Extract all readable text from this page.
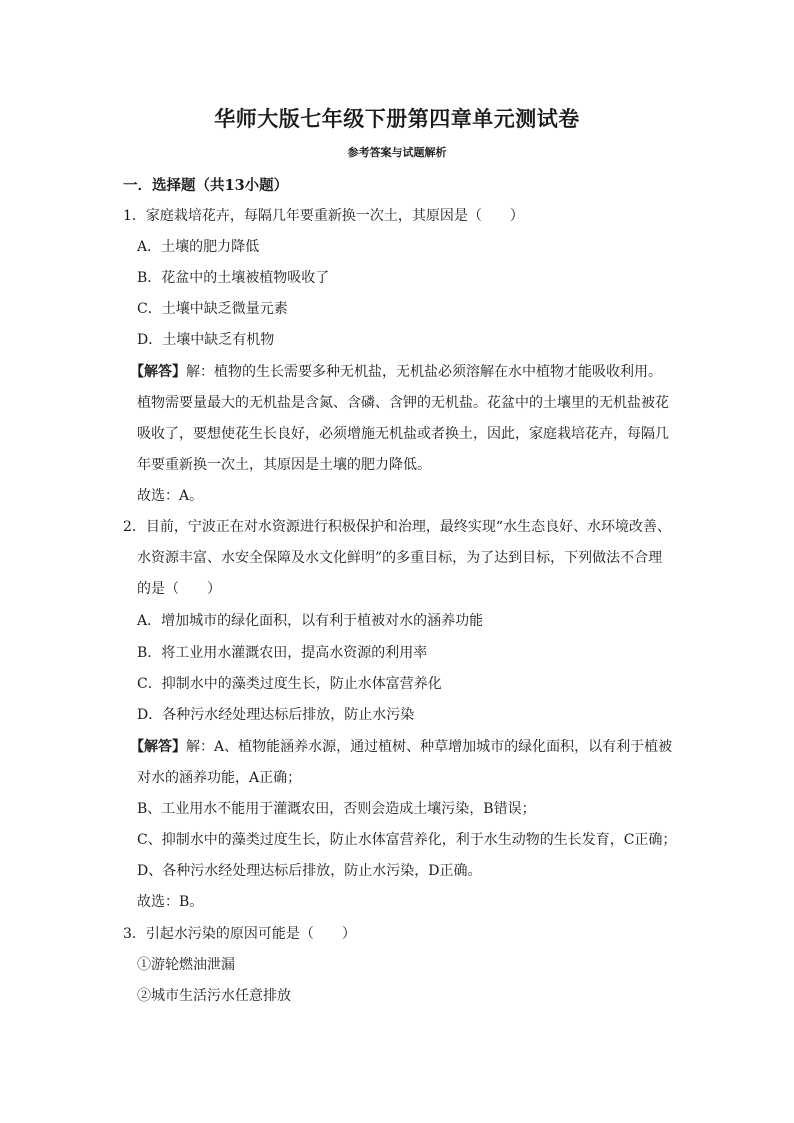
华师大版七年级下册第四章单元测试卷
参考答案与试题解析
一．选择题（共13小题）
1．家庭栽培花卉，每隔几年要重新换一次土，其原因是（　　）
A．土壤的肥力降低
B．花盆中的土壤被植物吸收了
C．土壤中缺乏微量元素
D．土壤中缺乏有机物
【解答】解：植物的生长需要多种无机盐，无机盐必须溶解在水中植物才能吸收利用。
植物需要量最大的无机盐是含氮、含磷、含钾的无机盐。花盆中的土壤里的无机盐被花
吸收了，要想使花生长良好，必须增施无机盐或者换土，因此，家庭栽培花卉，每隔几
年要重新换一次土，其原因是土壤的肥力降低。
故选：A。
2．目前，宁波正在对水资源进行积极保护和治理，最终实现“水生态良好、水环境改善、
水资源丰富、水安全保障及水文化鲜明”的多重目标，为了达到目标，下列做法不合理
的是（　　）
A．增加城市的绿化面积，以有利于植被对水的涵养功能
B．将工业用水灌溉农田，提高水资源的利用率
C．抑制水中的藻类过度生长，防止水体富营养化
D．各种污水经处理达标后排放，防止水污染
【解答】解：A、植物能涵养水源，通过植树、种草增加城市的绿化面积，以有利于植被
对水的涵养功能，A正确；
B、工业用水不能用于灌溉农田，否则会造成土壤污染，B错误；
C、抑制水中的藻类过度生长，防止水体富营养化，利于水生动物的生长发育，C正确；
D、各种污水经处理达标后排放，防止水污染，D正确。
故选：B。
3．引起水污染的原因可能是（　　）
①游轮燃油泄漏
②城市生活污水任意排放
